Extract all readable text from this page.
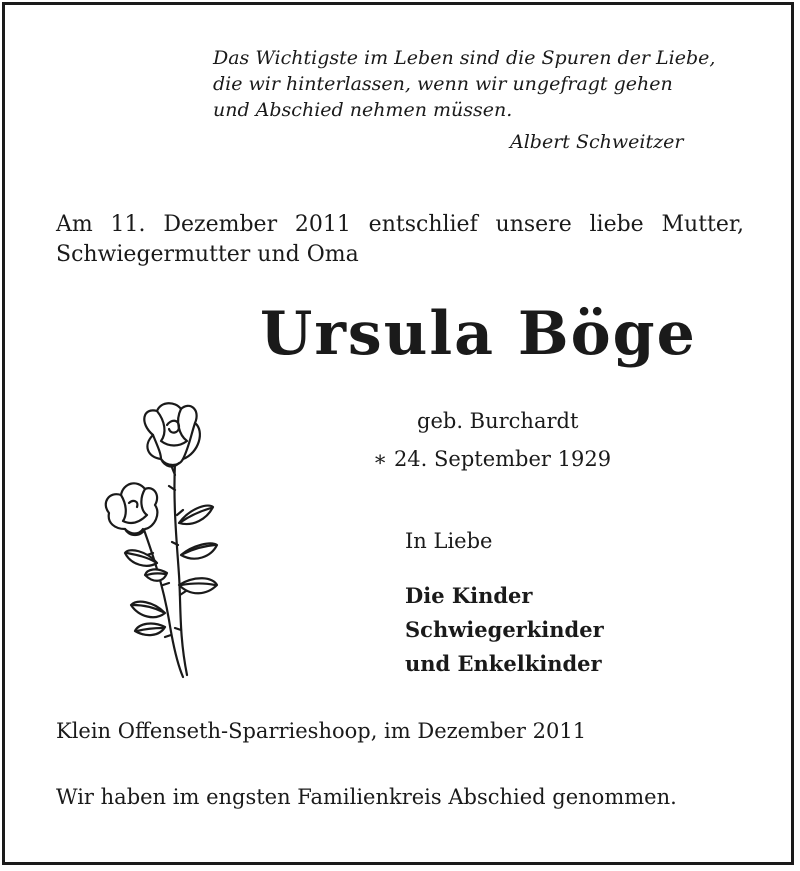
Das Wichtigste im Leben sind die Spuren der Liebe,
die wir hinterlassen, wenn wir ungefragt gehen
und Abschied nehmen müssen.
Albert Schweitzer
Am 11. Dezember 2011 entschlief unsere liebe Mutter,
Schwiegermutter und Oma
Ursula Böge
geb. Burchardt
∗ 24. September 1929
In Liebe
Die Kinder
Schwiegerkinder
und Enkelkinder
Klein Offenseth-Sparrieshoop, im Dezember 2011
Wir haben im engsten Familienkreis Abschied genommen.
